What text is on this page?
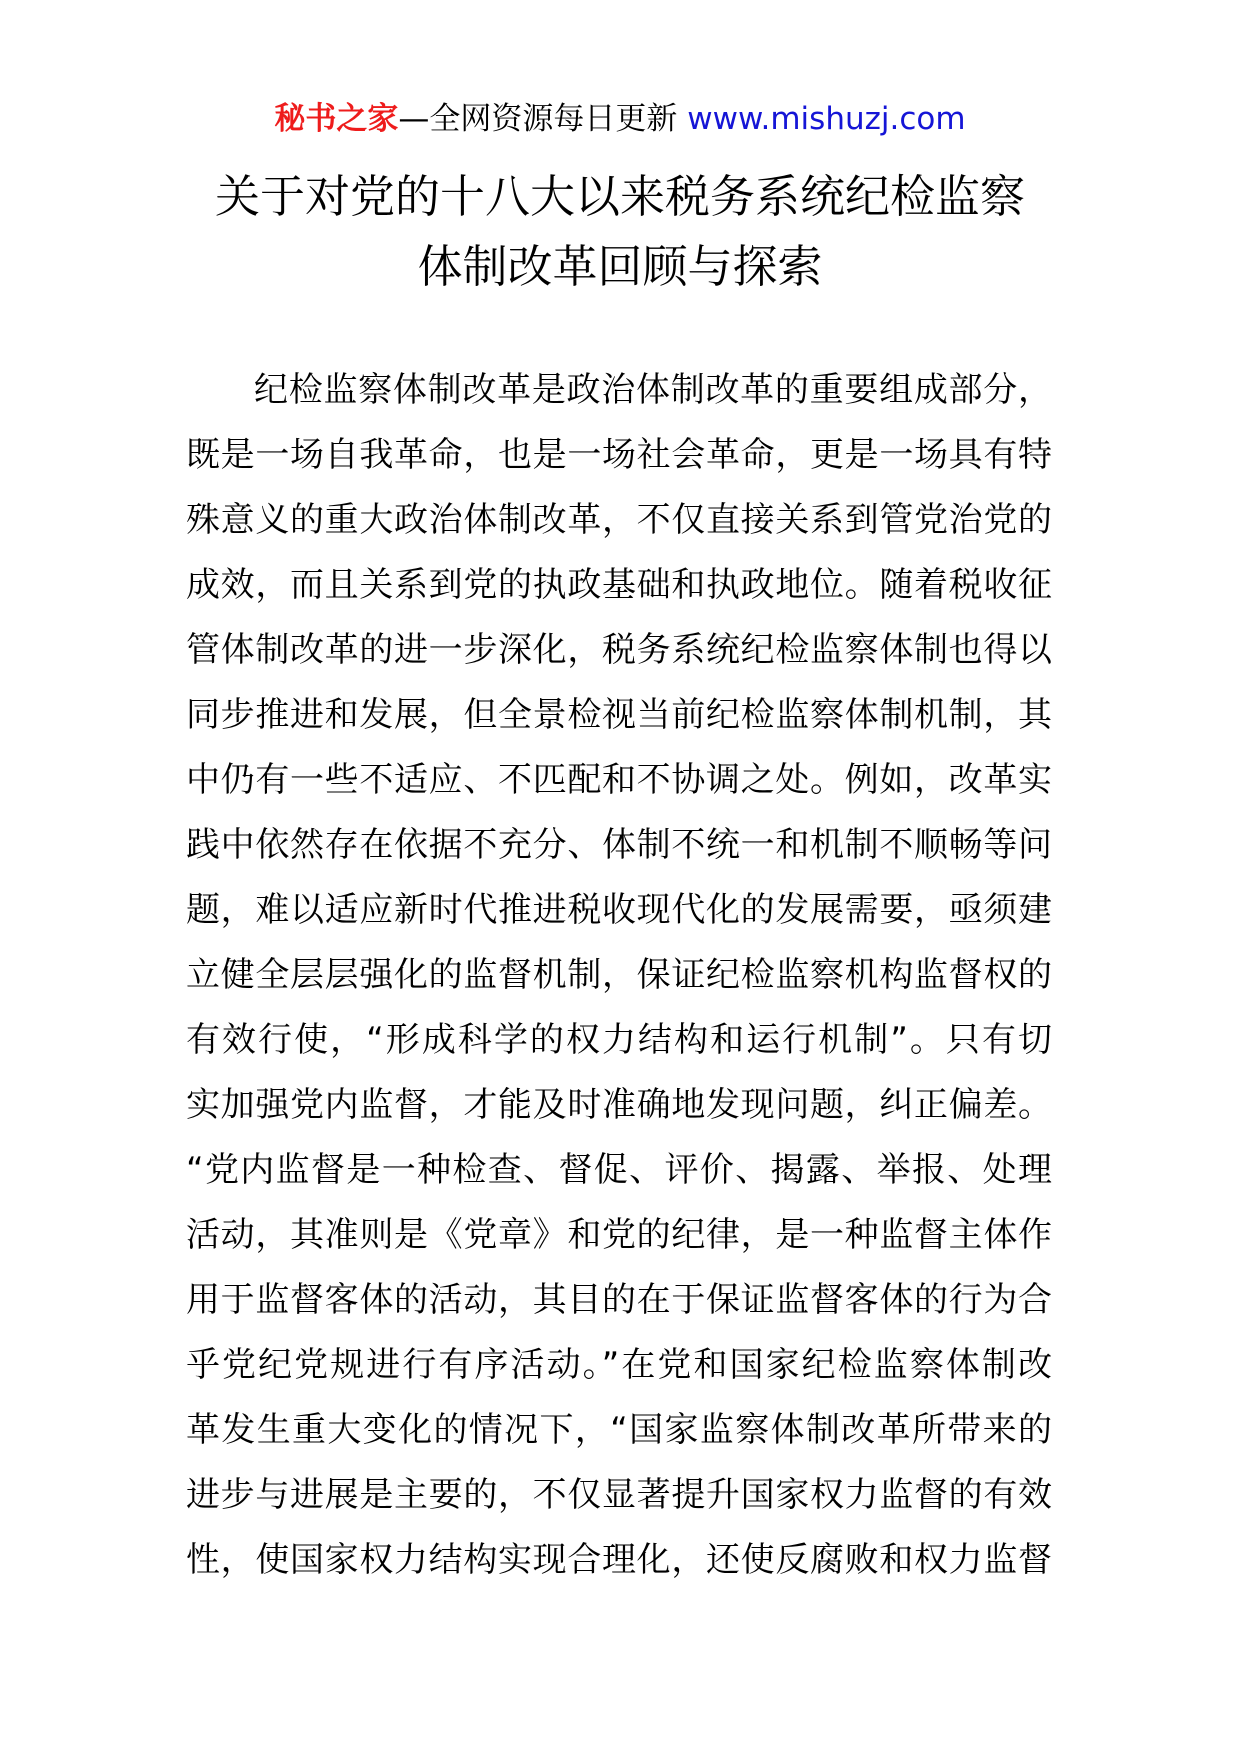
秘书之家—全网资源每日更新 www.mishuzj.com
关于对党的十八大以来税务系统纪检监察
体制改革回顾与探索
纪检监察体制改革是政治体制改革的重要组成部分，
既是一场自我革命，也是一场社会革命，更是一场具有特
殊意义的重大政治体制改革，不仅直接关系到管党治党的
成效，而且关系到党的执政基础和执政地位。随着税收征
管体制改革的进一步深化，税务系统纪检监察体制也得以
同步推进和发展，但全景检视当前纪检监察体制机制，其
中仍有一些不适应、不匹配和不协调之处。例如，改革实
践中依然存在依据不充分、体制不统一和机制不顺畅等问
题，难以适应新时代推进税收现代化的发展需要，亟须建
立健全层层强化的监督机制，保证纪检监察机构监督权的
有效行使，“形成科学的权力结构和运行机制”。只有切
实加强党内监督，才能及时准确地发现问题，纠正偏差。
“党内监督是一种检查、督促、评价、揭露、举报、处理
活动，其准则是《党章》和党的纪律，是一种监督主体作
用于监督客体的活动，其目的在于保证监督客体的行为合
乎党纪党规进行有序活动。”在党和国家纪检监察体制改
革发生重大变化的情况下，“国家监察体制改革所带来的
进步与进展是主要的，不仅显著提升国家权力监督的有效
性，使国家权力结构实现合理化，还使反腐败和权力监督
